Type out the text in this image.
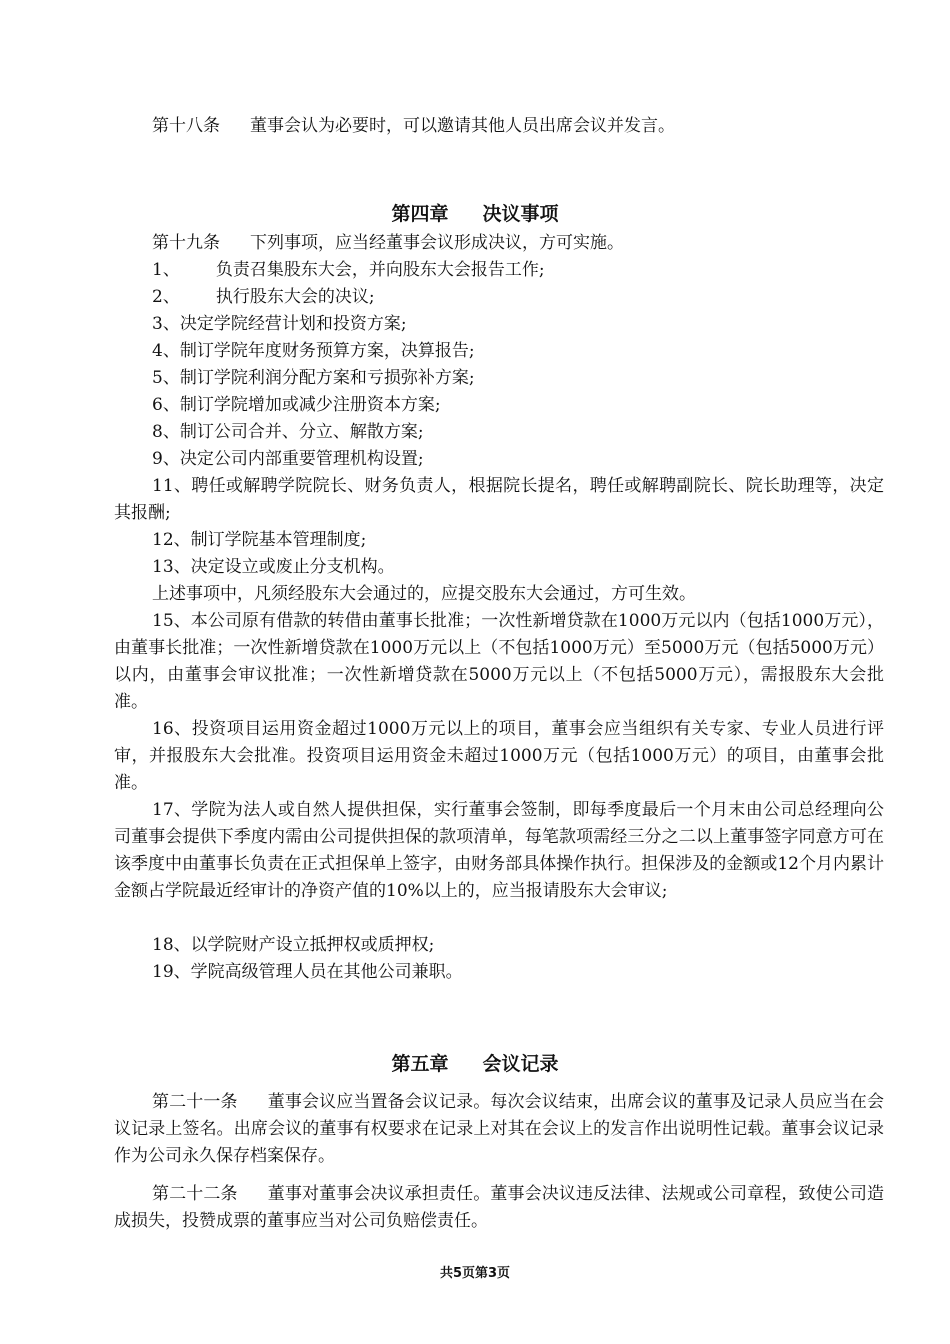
第十八条 董事会认为必要时，可以邀请其他人员出席会议并发言。

第四章 决议事项

第十九条 下列事项，应当经董事会议形成决议，方可实施。

1、 负责召集股东大会，并向股东大会报告工作;

2、 执行股东大会的决议;

3、决定学院经营计划和投资方案;

4、制订学院年度财务预算方案，决算报告;

5、制订学院利润分配方案和亏损弥补方案;

6、制订学院增加或减少注册资本方案;

8、制订公司合并、分立、解散方案;

9、决定公司内部重要管理机构设置;

11、聘任或解聘学院院长、财务负责人，根据院长提名，聘任或解聘副院长、院长助理等，决定其报酬;

12、制订学院基本管理制度;

13、决定设立或废止分支机构。

上述事项中，凡须经股东大会通过的，应提交股东大会通过，方可生效。

15、本公司原有借款的转借由董事长批准；一次性新增贷款在1000万元以内（包括1000万元），由董事长批准；一次性新增贷款在1000万元以上（不包括1000万元）至5000万元（包括5000万元）以内，由董事会审议批准；一次性新增贷款在5000万元以上（不包括5000万元），需报股东大会批准。

16、投资项目运用资金超过1000万元以上的项目，董事会应当组织有关专家、专业人员进行评审，并报股东大会批准。投资项目运用资金未超过1000万元（包括1000万元）的项目，由董事会批准。

17、学院为法人或自然人提供担保，实行董事会签制，即每季度最后一个月末由公司总经理向公司董事会提供下季度内需由公司提供担保的款项清单，每笔款项需经三分之二以上董事签字同意方可在该季度中由董事长负责在正式担保单上签字，由财务部具体操作执行。担保涉及的金额或12个月内累计金额占学院最近经审计的净资产值的10%以上的，应当报请股东大会审议;

18、以学院财产设立抵押权或质押权;

19、学院高级管理人员在其他公司兼职。

第五章 会议记录

第二十一条 董事会议应当置备会议记录。每次会议结束，出席会议的董事及记录人员应当在会议记录上签名。出席会议的董事有权要求在记录上对其在会议上的发言作出说明性记载。董事会议记录作为公司永久保存档案保存。

第二十二条 董事对董事会决议承担责任。董事会决议违反法律、法规或公司章程，致使公司造成损失，投赞成票的董事应当对公司负赔偿责任。

共5页第3页
